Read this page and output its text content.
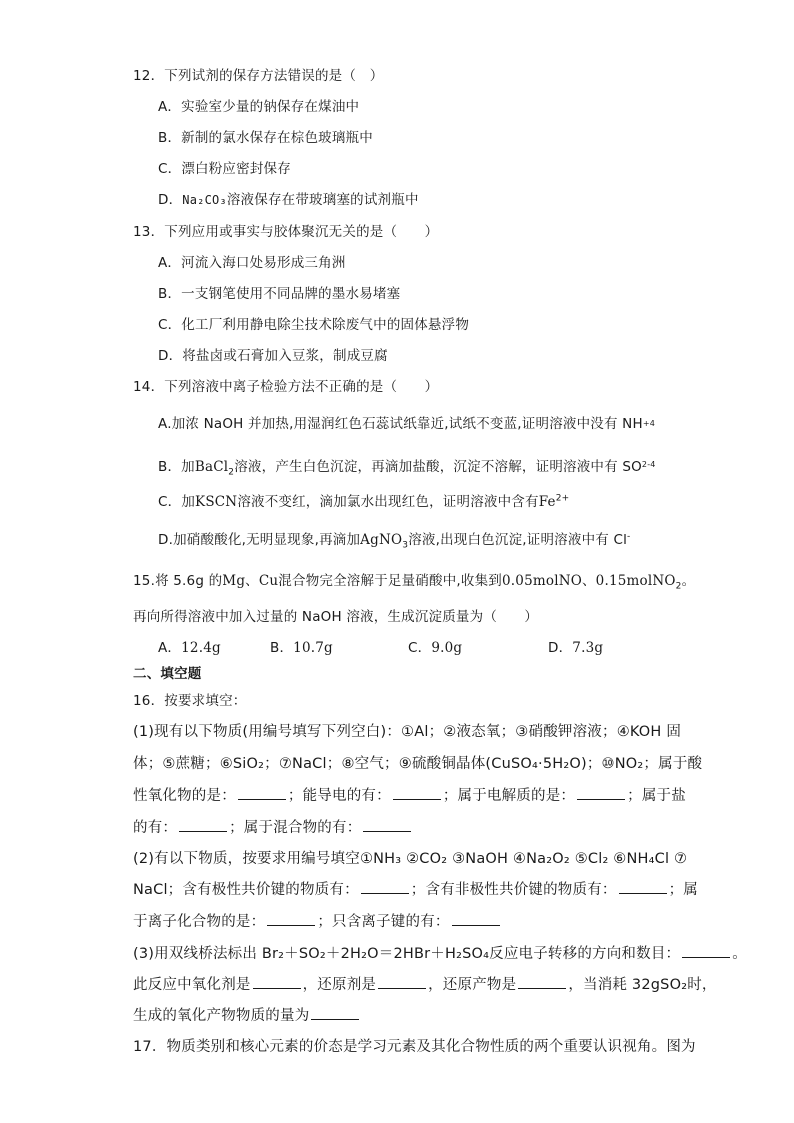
12．下列试剂的保存方法错误的是（　）
A．实验室少量的钠保存在煤油中
B．新制的氯水保存在棕色玻璃瓶中
C．漂白粉应密封保存
D．Na₂CO₃溶液保存在带玻璃塞的试剂瓶中
13．下列应用或事实与胶体聚沉无关的是（　　）
A．河流入海口处易形成三角洲
B．一支钢笔使用不同品牌的墨水易堵塞
C．化工厂利用静电除尘技术除废气中的固体悬浮物
D．将盐卤或石膏加入豆浆，制成豆腐
14．下列溶液中离子检验方法不正确的是（　　）
A.加浓 NaOH 并加热,用湿润红色石蕊试纸靠近,试纸不变蓝,证明溶液中没有 NH+4
B．加BaCl$_2$溶液，产生白色沉淀，再滴加盐酸，沉淀不溶解，证明溶液中有 SO$^{2-4}$
C．加KSCN溶液不变红，滴加氯水出现红色，证明溶液中含有$Fe^{2+}$
D.加硝酸酸化,无明显现象,再滴加AgNO$_3$溶液,出现白色沉淀,证明溶液中有 Cl-
15.将 5.6g 的Mg、Cu混合物完全溶解于足量硝酸中,收集到0.05molNO、0.15molNO$_2$。
再向所得溶液中加入过量的 NaOH 溶液，生成沉淀质量为（　　）
A．12.4g	B．10.7g	C．9.0g	D．7.3g
二、填空题
16．按要求填空：
(1)现有以下物质(用编号填写下列空白)：①Al；②液态氧；③硝酸钾溶液；④KOH 固
体；⑤蔗糖；⑥SiO₂；⑦NaCl；⑧空气；⑨硫酸铜晶体(CuSO₄·5H₂O)；⑩NO₂；属于酸
性氧化物的是：	；能导电的有：	；属于电解质的是：	；属于盐
的有：	；属于混合物的有：
(2)有以下物质，按要求用编号填空①NH₃ ②CO₂ ③NaOH ④Na₂O₂ ⑤Cl₂ ⑥NH₄Cl ⑦
NaCl；含有极性共价键的物质有：	；含有非极性共价键的物质有：	；属
于离子化合物的是：	；只含离子键的有：
(3)用双线桥法标出 Br₂＋SO₂＋2H₂O＝2HBr＋H₂SO₄反应电子转移的方向和数目：	。
此反应中氧化剂是	，还原剂是	，还原产物是	，当消耗 32gSO₂时，
生成的氧化产物物质的量为
17．物质类别和核心元素的价态是学习元素及其化合物性质的两个重要认识视角。图为
